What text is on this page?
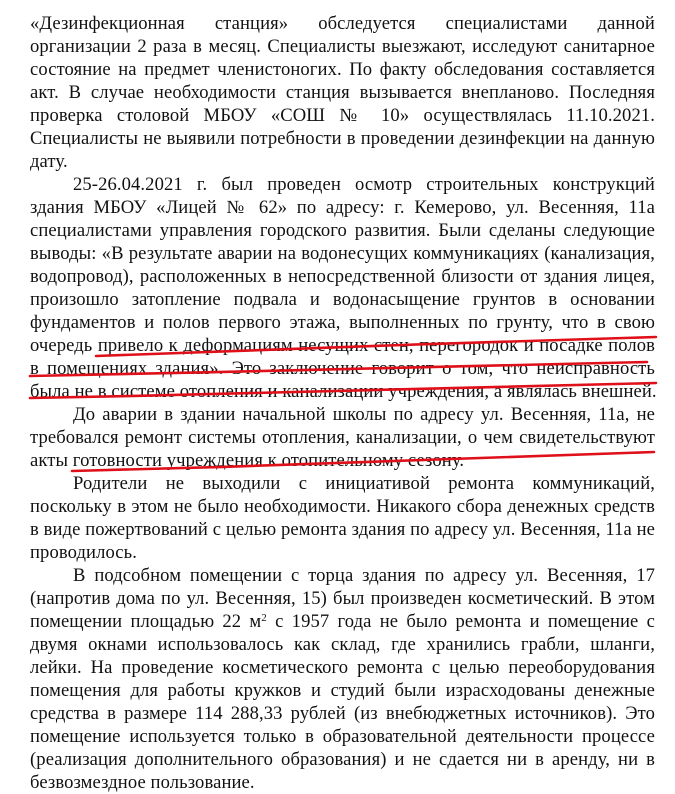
«Дезинфекционная станция» обследуется специалистами данной
организации 2 раза в месяц. Специалисты выезжают, исследуют санитарное
состояние на предмет членистоногих. По факту обследования составляется
акт. В случае необходимости станция вызывается внепланово. Последняя
проверка столовой МБОУ «СОШ № 10» осуществлялась 11.10.2021.
Специалисты не выявили потребности в проведении дезинфекции на данную
дату.
25-26.04.2021 г. был проведен осмотр строительных конструкций
здания МБОУ «Лицей № 62» по адресу: г. Кемерово, ул. Весенняя, 11а
специалистами управления городского развития. Были сделаны следующие
выводы: «В результате аварии на водонесущих коммуникациях (канализация,
водопровод), расположенных в непосредственной близости от здания лицея,
произошло затопление подвала и водонасыщение грунтов в основании
фундаментов и полов первого этажа, выполненных по грунту, что в свою
очередь привело к деформациям несущих стен, перегородок и посадке полов
в помещениях здания». Это заключение говорит о том, что неисправность
была не в системе отопления и канализации учреждения, а являлась внешней.
До аварии в здании начальной школы по адресу ул. Весенняя, 11а, не
требовался ремонт системы отопления, канализации, о чем свидетельствуют
акты готовности учреждения к отопительному сезону.
Родители не выходили с инициативой ремонта коммуникаций,
поскольку в этом не было необходимости. Никакого сбора денежных средств
в виде пожертвований с целью ремонта здания по адресу ул. Весенняя, 11а не
проводилось.
В подсобном помещении с торца здания по адресу ул. Весенняя, 17
(напротив дома по ул. Весенняя, 15) был произведен косметический. В этом
помещении площадью 22 $м^2$ с 1957 года не было ремонта и помещение с
двумя окнами использовалось как склад, где хранились грабли, шланги,
лейки. На проведение косметического ремонта с целью переоборудования
помещения для работы кружков и студий были израсходованы денежные
средства в размере 114 288,33 рублей (из внебюджетных источников). Это
помещение используется только в образовательной деятельности процессе
(реализация дополнительного образования) и не сдается ни в аренду, ни в
безвозмездное пользование.
